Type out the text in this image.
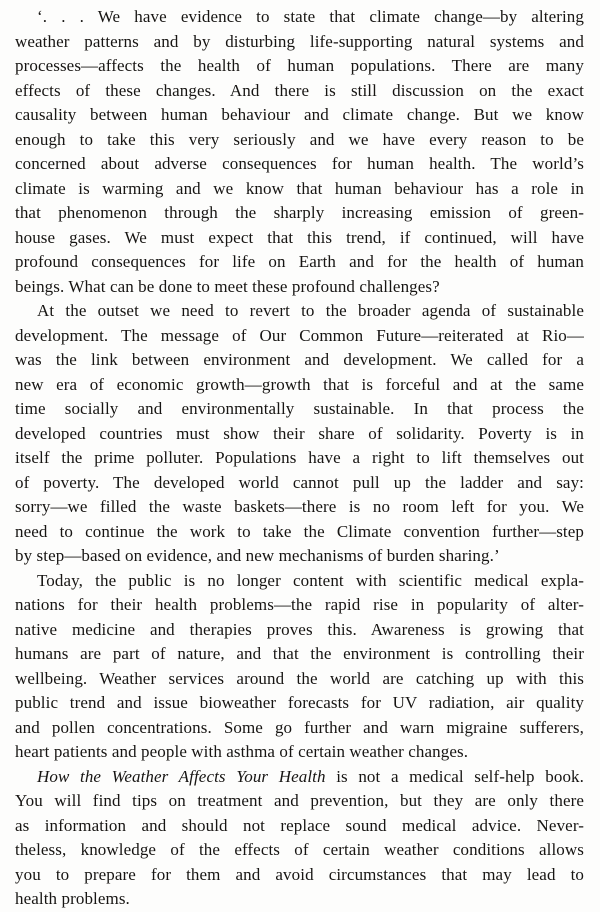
‘. . . We have evidence to state that climate change—by altering
weather patterns and by disturbing life-supporting natural systems and
processes—affects the health of human populations. There are many
effects of these changes. And there is still discussion on the exact
causality between human behaviour and climate change. But we know
enough to take this very seriously and we have every reason to be
concerned about adverse consequences for human health. The world’s
climate is warming and we know that human behaviour has a role in
that phenomenon through the sharply increasing emission of green-
house gases. We must expect that this trend, if continued, will have
profound consequences for life on Earth and for the health of human
beings. What can be done to meet these profound challenges?
At the outset we need to revert to the broader agenda of sustainable
development. The message of Our Common Future—reiterated at Rio—
was the link between environment and development. We called for a
new era of economic growth—growth that is forceful and at the same
time socially and environmentally sustainable. In that process the
developed countries must show their share of solidarity. Poverty is in
itself the prime polluter. Populations have a right to lift themselves out
of poverty. The developed world cannot pull up the ladder and say:
sorry—we filled the waste baskets—there is no room left for you. We
need to continue the work to take the Climate convention further—step
by step—based on evidence, and new mechanisms of burden sharing.’
Today, the public is no longer content with scientific medical expla-
nations for their health problems—the rapid rise in popularity of alter-
native medicine and therapies proves this. Awareness is growing that
humans are part of nature, and that the environment is controlling their
wellbeing. Weather services around the world are catching up with this
public trend and issue bioweather forecasts for UV radiation, air quality
and pollen concentrations. Some go further and warn migraine sufferers,
heart patients and people with asthma of certain weather changes.
How the Weather Affects Your Health is not a medical self-help book.
You will find tips on treatment and prevention, but they are only there
as information and should not replace sound medical advice. Never-
theless, knowledge of the effects of certain weather conditions allows
you to prepare for them and avoid circumstances that may lead to
health problems.
